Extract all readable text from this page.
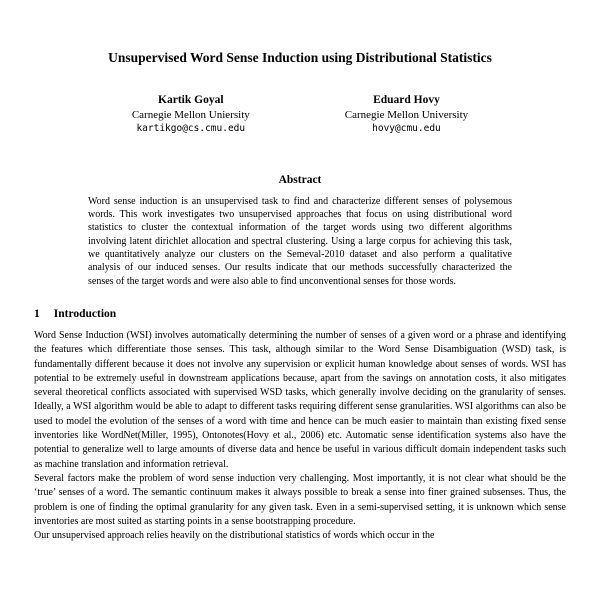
Unsupervised Word Sense Induction using Distributional Statistics
Kartik Goyal
Carnegie Mellon Uniersity
kartikgo@cs.cmu.edu
Eduard Hovy
Carnegie Mellon University
hovy@cmu.edu
Abstract
Word sense induction is an unsupervised task to find and characterize different senses of polysemous words. This work investigates two unsupervised approaches that focus on using distributional word statistics to cluster the contextual information of the target words using two different algorithms involving latent dirichlet allocation and spectral clustering. Using a large corpus for achieving this task, we quantitatively analyze our clusters on the Semeval-2010 dataset and also perform a qualitative analysis of our induced senses. Our results indicate that our methods successfully characterized the senses of the target words and were also able to find unconventional senses for those words.
1 Introduction

Word Sense Induction (WSI) involves automatically determining the number of senses of a given word or a phrase and identifying the features which differentiate those senses. This task, although similar to the Word Sense Disambiguation (WSD) task, is fundamentally different because it does not involve any supervision or explicit human knowledge about senses of words. WSI has potential to be extremely useful in downstream applications because, apart from the savings on annotation costs, it also mitigates several theoretical conflicts associated with supervised WSD tasks, which generally involve deciding on the granularity of senses. Ideally, a WSI algorithm would be able to adapt to different tasks requiring different sense granularities. WSI algorithms can also be used to model the evolution of the senses of a word with time and hence can be much easier to maintain than existing fixed sense inventories like WordNet(Miller, 1995), Ontonotes(Hovy et al., 2006) etc. Automatic sense identification systems also have the potential to generalize well to large amounts of diverse data and hence be useful in various difficult domain independent tasks such as machine translation and information retrieval.

Several factors make the problem of word sense induction very challenging. Most importantly, it is not clear what should be the ‘true’ senses of a word. The semantic continuum makes it always possible to break a sense into finer grained subsenses. Thus, the problem is one of finding the optimal granularity for any given task. Even in a semi-supervised setting, it is unknown which sense inventories are most suited as starting points in a sense bootstrapping procedure.

Our unsupervised approach relies heavily on the distributional statistics of words which occur in the
